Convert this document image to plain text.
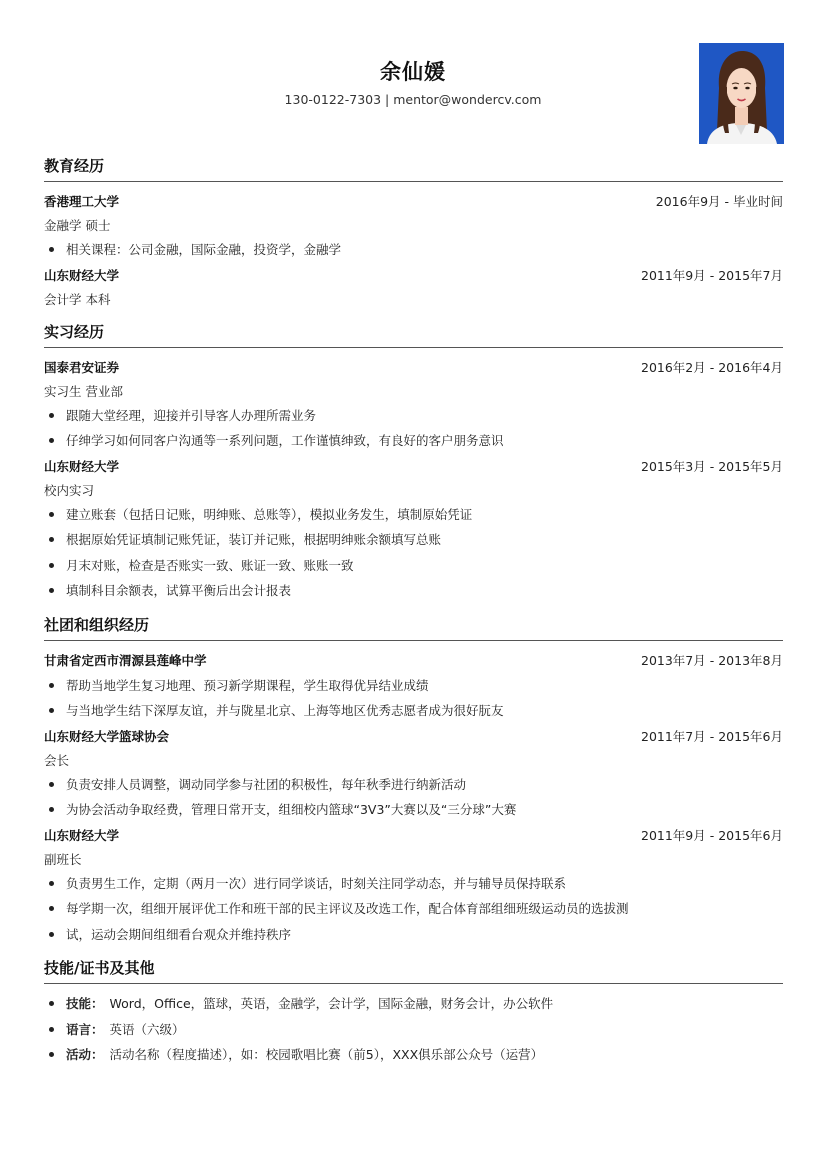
余仙媛
130-0122-7303 | mentor@wondercv.com
教育经历
香港理工大学	2016年9月 - 毕业时间
金融学 硕士
相关课程：公司金融，国际金融，投资学，金融学
山东财经大学	2011年9月 - 2015年7月
会计学 本科
实习经历
国泰君安证券	2016年2月 - 2016年4月
实习生 营业部
跟随大堂经理，迎接并引导客人办理所需业务
仔绅学习如何同客户沟通等一系列问题，工作谨慎绅致，有良好的客户朋务意识
山东财经大学	2015年3月 - 2015年5月
校内实习
建立账套（包括日记账，明绅账、总账等），模拟业务发生，填制原始凭证
根据原始凭证填制记账凭证，装订并记账，根据明绅账余额填写总账
月末对账，检查是否账实一致、账证一致、账账一致
填制科目余额表，试算平衡后出会计报表
社团和组织经历
甘肃省定西市渭源县莲峰中学	2013年7月 - 2013年8月
帮助当地学生复习地理、预习新学期课程，学生取得优异结业成绩
与当地学生结下深厚友谊，并与陇星北京、上海等地区优秀志愿者成为很好朊友
山东财经大学篮球协会	2011年7月 - 2015年6月
会长
负责安排人员调整，调动同学参与社团的积极性，每年秋季进行纳新活动
为协会活动争取经费，管理日常开支，组细校内篮球“3V3”大赛以及“三分球”大赛
山东财经大学	2011年9月 - 2015年6月
副班长
负责男生工作，定期（两月一次）进行同学谈话，时刻关注同学动态，并与辅导员保持联系
每学期一次，组细开展评优工作和班干部的民主评议及改选工作，配合体育部组细班级运动员的选拔测
试，运动会期间组细看台观众并维持秩序
技能/证书及其他
技能： Word，Office，篮球，英语，金融学，会计学，国际金融，财务会计，办公软件
语言： 英语（六级）
活动： 活动名称（程度描述），如：校园歌唱比赛（前5），XXX俱乐部公众号（运营）
